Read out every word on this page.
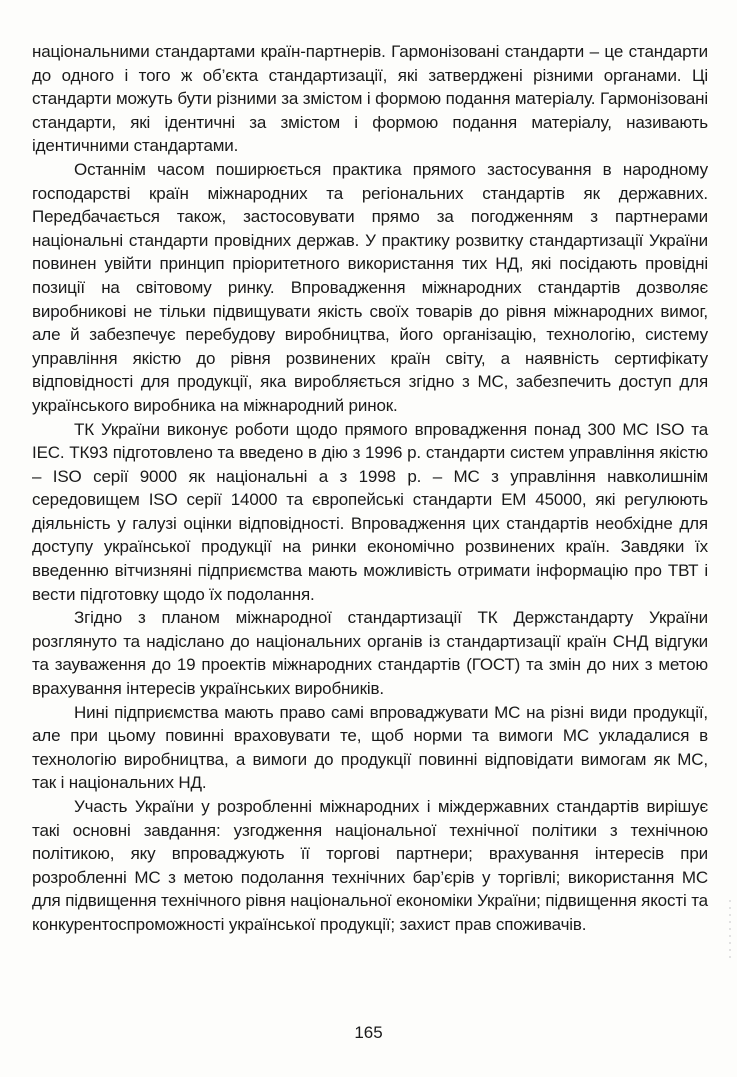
національними стандартами країн-партнерів. Гармонізовані стандарти – це стандарти до одного і того ж об’єкта стандартизації, які затверджені різними органами. Ці стандарти можуть бути різними за змістом і формою подання матеріалу. Гармонізовані стандарти, які ідентичні за змістом і формою подання матеріалу, називають ідентичними стандартами.

Останнім часом поширюється практика прямого застосування в народному господарстві країн міжнародних та регіональних стандартів як державних. Передбачається також, застосовувати прямо за погодженням з партнерами національні стандарти провідних держав. У практику розвитку стандартизації України повинен увійти принцип пріоритетного використання тих НД, які посідають провідні позиції на світовому ринку. Впровадження міжнародних стандартів дозволяє виробникові не тільки підвищувати якість своїх товарів до рівня міжнародних вимог, але й забезпечує перебудову виробництва, його організацію, технологію, систему управління якістю до рівня розвинених країн світу, а наявність сертифікату відповідності для продукції, яка виробляється згідно з МС, забезпечить доступ для українського виробника на міжнародний ринок.

ТК України виконує роботи щодо прямого впровадження понад 300 МС ISO та IEC. ТК93 підготовлено та введено в дію з 1996 р. стандарти систем управління якістю – ISO серії 9000 як національні а з 1998 р. – МС з управління навколишнім середовищем ISO серії 14000 та європейські стандарти ЕМ 45000, які регулюють діяльність у галузі оцінки відповідності. Впровадження цих стандартів необхідне для доступу української продукції на ринки економічно розвинених країн. Завдяки їх введенню вітчизняні підприємства мають можливість отримати інформацію про ТВТ і вести підготовку щодо їх подолання.

Згідно з планом міжнародної стандартизації ТК Держстандарту України розглянуто та надіслано до національних органів із стандартизації країн СНД відгуки та зауваження до 19 проектів міжнародних стандартів (ГОСТ) та змін до них з метою врахування інтересів українських виробників.

Нині підприємства мають право самі впроваджувати МС на різні види продукції, але при цьому повинні враховувати те, щоб норми та вимоги МС укладалися в технологію виробництва, а вимоги до продукції повинні відповідати вимогам як МС, так і національних НД.

Участь України у розробленні міжнародних і міждержавних стандартів вирішує такі основні завдання: узгодження національної технічної політики з технічною політикою, яку впроваджують її торгові партнери; врахування інтересів при розробленні МС з метою подолання технічних бар’єрів у торгівлі; використання МС для підвищення технічного рівня національної економіки України; підвищення якості та конкурентоспроможності української продукції; захист прав споживачів.

165
